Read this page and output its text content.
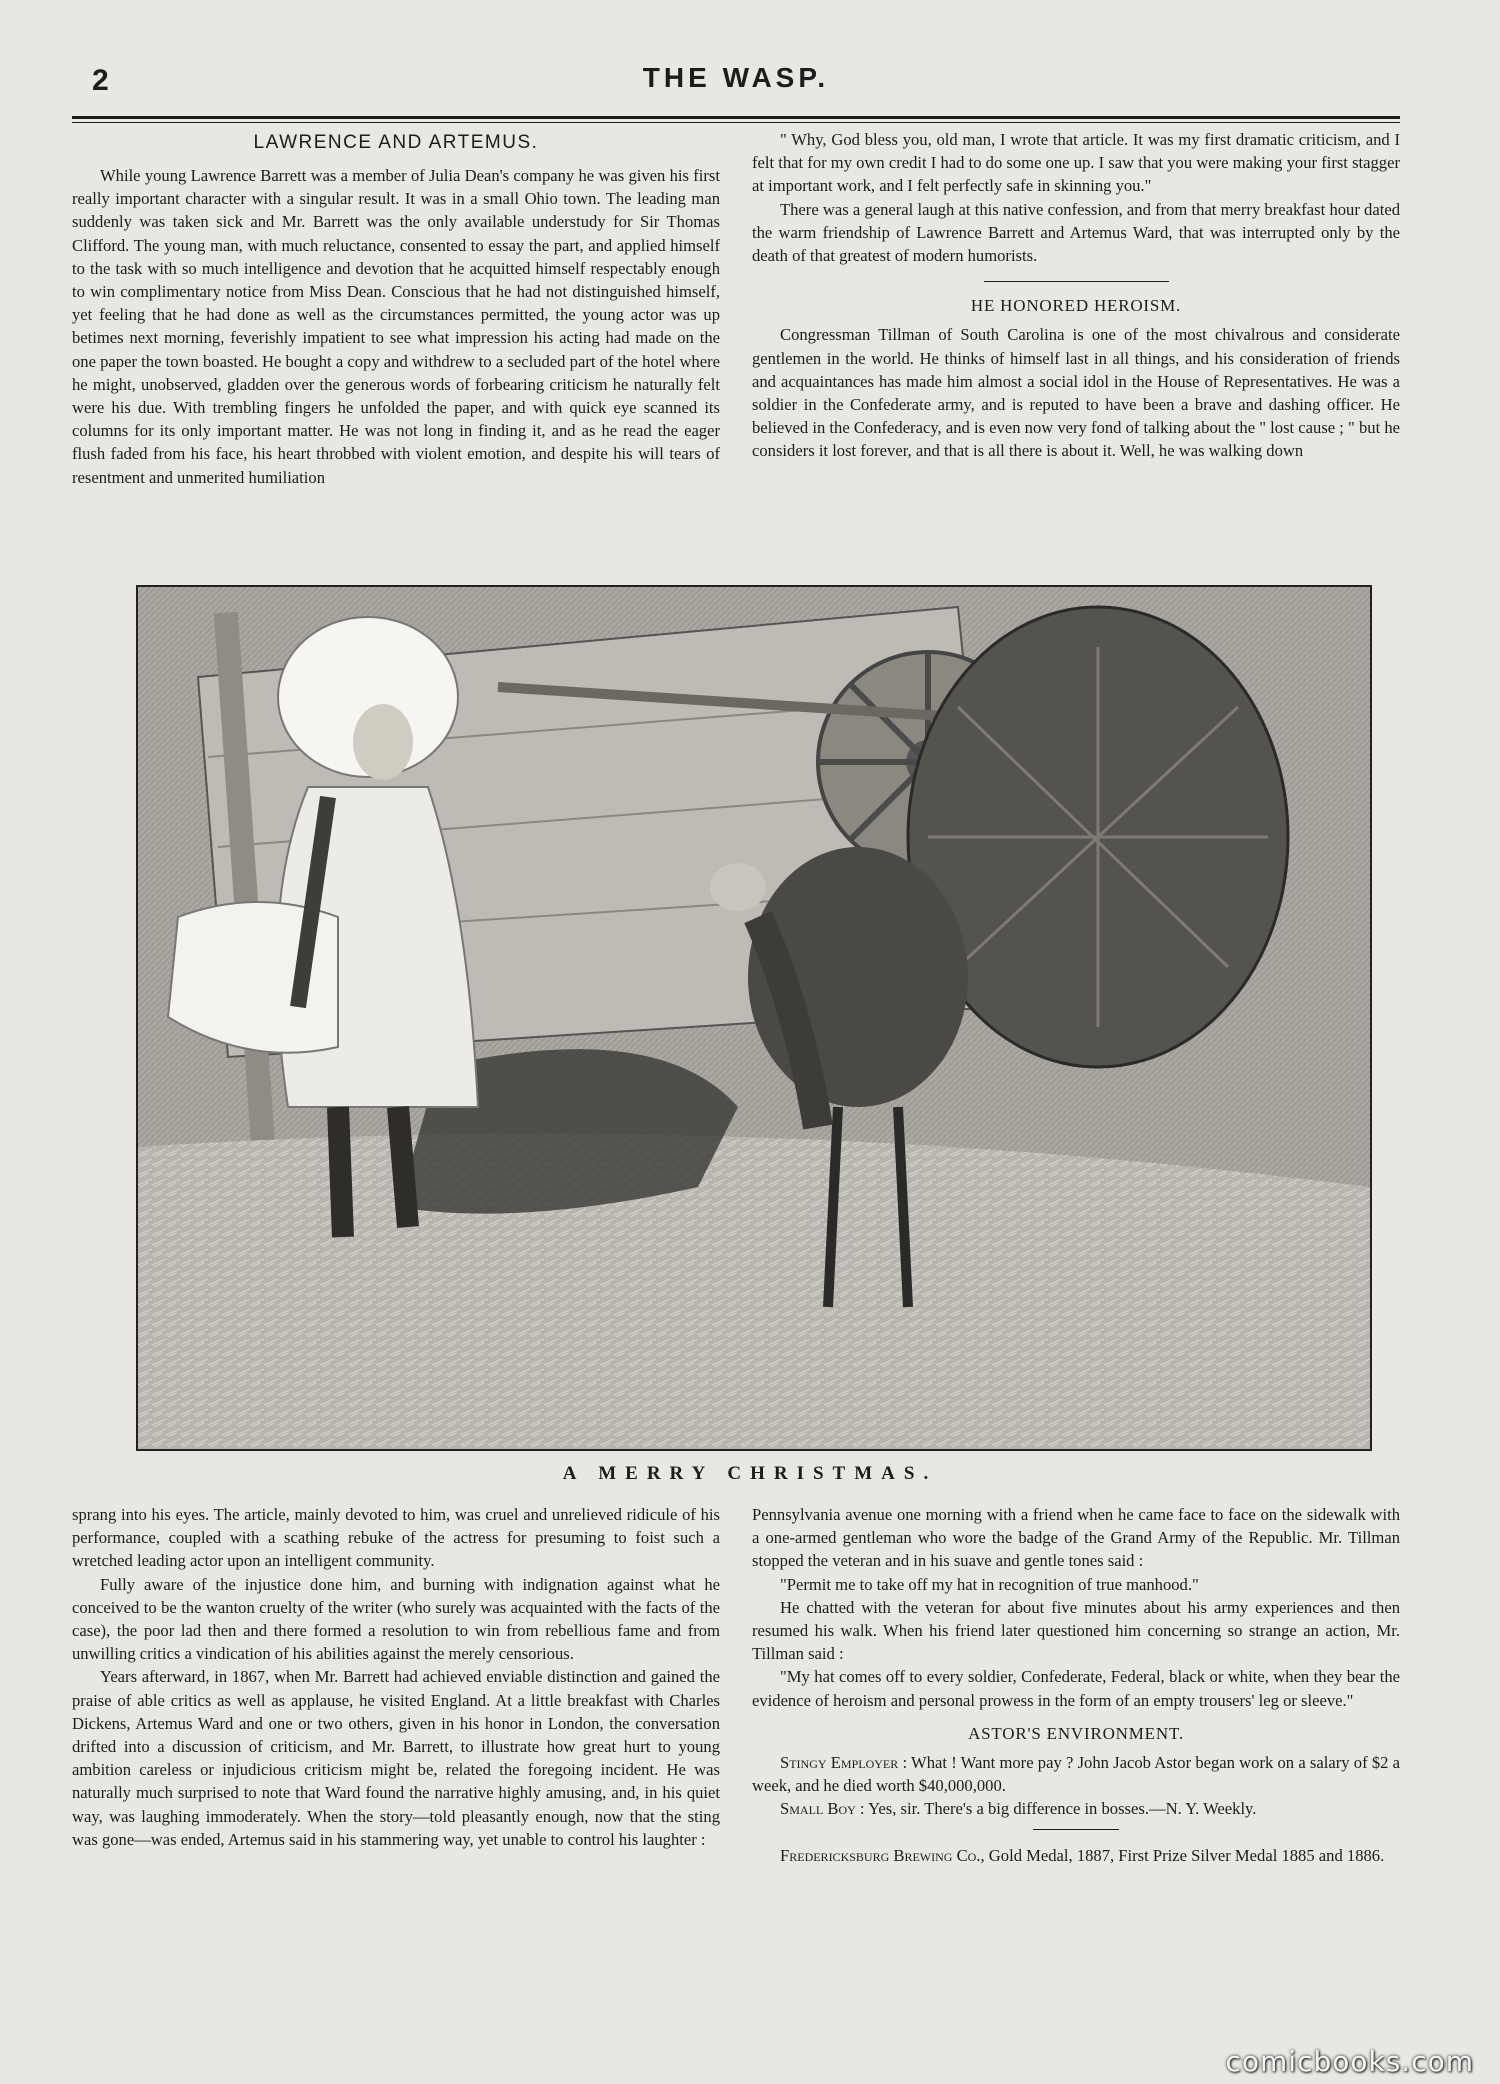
2	THE WASP.
LAWRENCE AND ARTEMUS.

While young Lawrence Barrett was a member of Julia Dean's company he was given his first really important character with a singular result. It was in a small Ohio town. The leading man suddenly was taken sick and Mr. Barrett was the only available understudy for Sir Thomas Clifford. The young man, with much reluctance, consented to essay the part, and applied himself to the task with so much intelligence and devotion that he acquitted himself respectably enough to win complimentary notice from Miss Dean. Conscious that he had not distinguished himself, yet feeling that he had done as well as the circumstances permitted, the young actor was up betimes next morning, feverishly impatient to see what impression his acting had made on the one paper the town boasted. He bought a copy and withdrew to a secluded part of the hotel where he might, unobserved, gladden over the generous words of forbearing criticism he naturally felt were his due. With trembling fingers he unfolded the paper, and with quick eye scanned its columns for its only important matter. He was not long in finding it, and as he read the eager flush faded from his face, his heart throbbed with violent emotion, and despite his will tears of resentment and unmerited humiliation

" Why, God bless you, old man, I wrote that article. It was my first dramatic criticism, and I felt that for my own credit I had to do some one up. I saw that you were making your first stagger at important work, and I felt perfectly safe in skinning you."

There was a general laugh at this native confession, and from that merry breakfast hour dated the warm friendship of Lawrence Barrett and Artemus Ward, that was interrupted only by the death of that greatest of modern humorists.

HE HONORED HEROISM.

Congressman Tillman of South Carolina is one of the most chivalrous and considerate gentlemen in the world. He thinks of himself last in all things, and his consideration of friends and acquaintances has made him almost a social idol in the House of Representatives. He was a soldier in the Confederate army, and is reputed to have been a brave and dashing officer. He believed in the Confederacy, and is even now very fond of talking about the " lost cause ; " but he considers it lost forever, and that is all there is about it. Well, he was walking down

A MERRY CHRISTMAS.

sprang into his eyes. The article, mainly devoted to him, was cruel and unrelieved ridicule of his performance, coupled with a scathing rebuke of the actress for presuming to foist such a wretched leading actor upon an intelligent community.

Fully aware of the injustice done him, and burning with indignation against what he conceived to be the wanton cruelty of the writer (who surely was acquainted with the facts of the case), the poor lad then and there formed a resolution to win from rebellious fame and from unwilling critics a vindication of his abilities against the merely censorious.

Years afterward, in 1867, when Mr. Barrett had achieved enviable distinction and gained the praise of able critics as well as applause, he visited England. At a little breakfast with Charles Dickens, Artemus Ward and one or two others, given in his honor in London, the conversation drifted into a discussion of criticism, and Mr. Barrett, to illustrate how great hurt to young ambition careless or injudicious criticism might be, related the foregoing incident. He was naturally much surprised to note that Ward found the narrative highly amusing, and, in his quiet way, was laughing immoderately. When the story—told pleasantly enough, now that the sting was gone—was ended, Artemus said in his stammering way, yet unable to control his laughter :

Pennsylvania avenue one morning with a friend when he came face to face on the sidewalk with a one-armed gentleman who wore the badge of the Grand Army of the Republic. Mr. Tillman stopped the veteran and in his suave and gentle tones said :

"Permit me to take off my hat in recognition of true manhood."

He chatted with the veteran for about five minutes about his army experiences and then resumed his walk. When his friend later questioned him concerning so strange an action, Mr. Tillman said :

"My hat comes off to every soldier, Confederate, Federal, black or white, when they bear the evidence of heroism and personal prowess in the form of an empty trousers' leg or sleeve."

ASTOR'S ENVIRONMENT.

Stingy Employer : What ! Want more pay ? John Jacob Astor began work on a salary of $2 a week, and he died worth $40,000,000.

Small Boy : Yes, sir. There's a big difference in bosses.—N. Y. Weekly.

Fredericksburg Brewing Co., Gold Medal, 1887, First Prize Silver Medal 1885 and 1886.

comicbooks.com
